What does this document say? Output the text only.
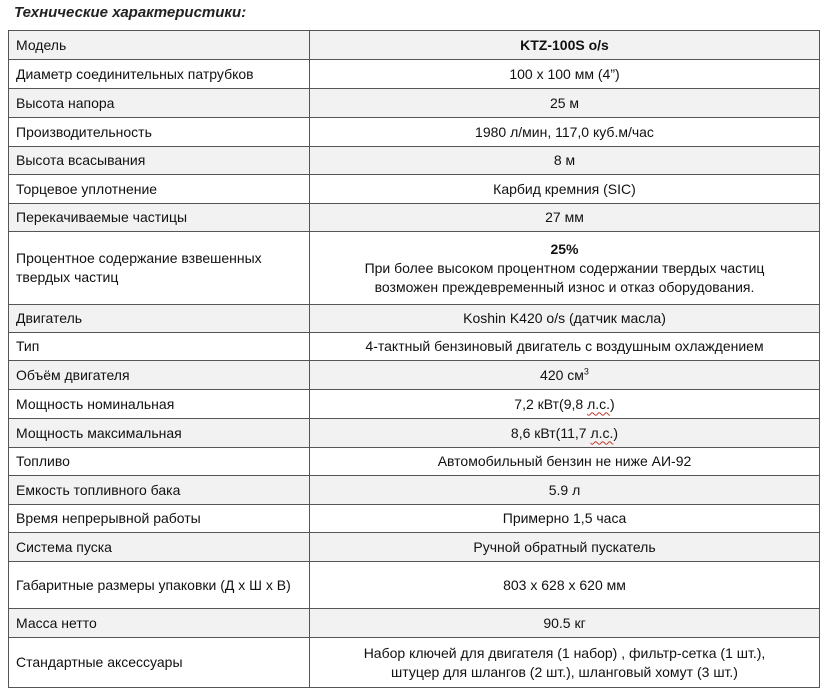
Технические характеристики:
Модель	KTZ-100S o/s
Диаметр соединительных патрубков	100 x 100 мм (4”)
Высота напора	25 м
Производительность	1980 л/мин, 117,0 куб.м/час
Высота всасывания	8 м
Торцевое уплотнение	Карбид кремния (SIC)
Перекачиваемые частицы	27 мм
Процентное содержание взвешенных твердых частиц	25%
При более высоком процентном содержании твердых частиц
возможен преждевременный износ и отказ оборудования.

Двигатель	Koshin K420 o/s (датчик масла)
Тип	4-тактный бензиновый двигатель с воздушным охлаждением
Объём двигателя	420 $см^3$
Мощность номинальная	7,2 кВт(9,8 л.с.)
Мощность максимальная	8,6 кВт(11,7 л.с.)
Топливо	Автомобильный бензин не ниже АИ-92
Емкость топливного бака	5.9 л
Время непрерывной работы	Примерно 1,5 часа
Система пуска	Ручной обратный пускатель
Габаритные размеры упаковки (Д х Ш х В)	803 х 628 х 620 мм
Масса нетто	90.5 кг
Стандартные аксессуары	Набор ключей для двигателя (1 набор) , фильтр-сетка (1 шт.),
штуцер для шлангов (2 шт.), шланговый хомут (3 шт.)
